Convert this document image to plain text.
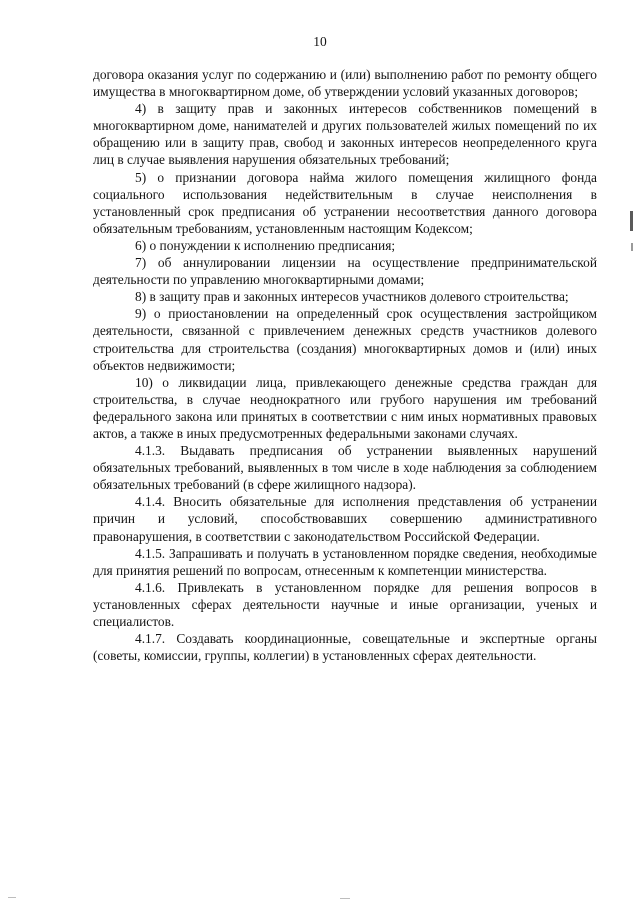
10

договора оказания услуг по содержанию и (или) выполнению работ по ремонту общего имущества в многоквартирном доме, об утверждении условий указанных договоров;

4) в защиту прав и законных интересов собственников помещений в многоквартирном доме, нанимателей и других пользователей жилых помещений по их обращению или в защиту прав, свобод и законных интересов неопределенного круга лиц в случае выявления нарушения обязательных требований;

5) о признании договора найма жилого помещения жилищного фонда социального использования недействительным в случае неисполнения в установленный срок предписания об устранении несоответствия данного договора обязательным требованиям, установленным настоящим Кодексом;

6) о понуждении к исполнению предписания;

7) об аннулировании лицензии на осуществление предпринимательской деятельности по управлению многоквартирными домами;

8) в защиту прав и законных интересов участников долевого строительства;

9) о приостановлении на определенный срок осуществления застройщиком деятельности, связанной с привлечением денежных средств участников долевого строительства для строительства (создания) многоквартирных домов и (или) иных объектов недвижимости;

10) о ликвидации лица, привлекающего денежные средства граждан для строительства, в случае неоднократного или грубого нарушения им требований федерального закона или принятых в соответствии с ним иных нормативных правовых актов, а также в иных предусмотренных федеральными законами случаях.

4.1.3. Выдавать предписания об устранении выявленных нарушений обязательных требований, выявленных в том числе в ходе наблюдения за соблюдением обязательных требований (в сфере жилищного надзора).

4.1.4. Вносить обязательные для исполнения представления об устранении причин и условий, способствовавших совершению административного правонарушения, в соответствии с законодательством Российской Федерации.

4.1.5. Запрашивать и получать в установленном порядке сведения, необходимые для принятия решений по вопросам, отнесенным к компетенции министерства.

4.1.6. Привлекать в установленном порядке для решения вопросов в установленных сферах деятельности научные и иные организации, ученых и специалистов.

4.1.7. Создавать координационные, совещательные и экспертные органы (советы, комиссии, группы, коллегии) в установленных сферах деятельности.
